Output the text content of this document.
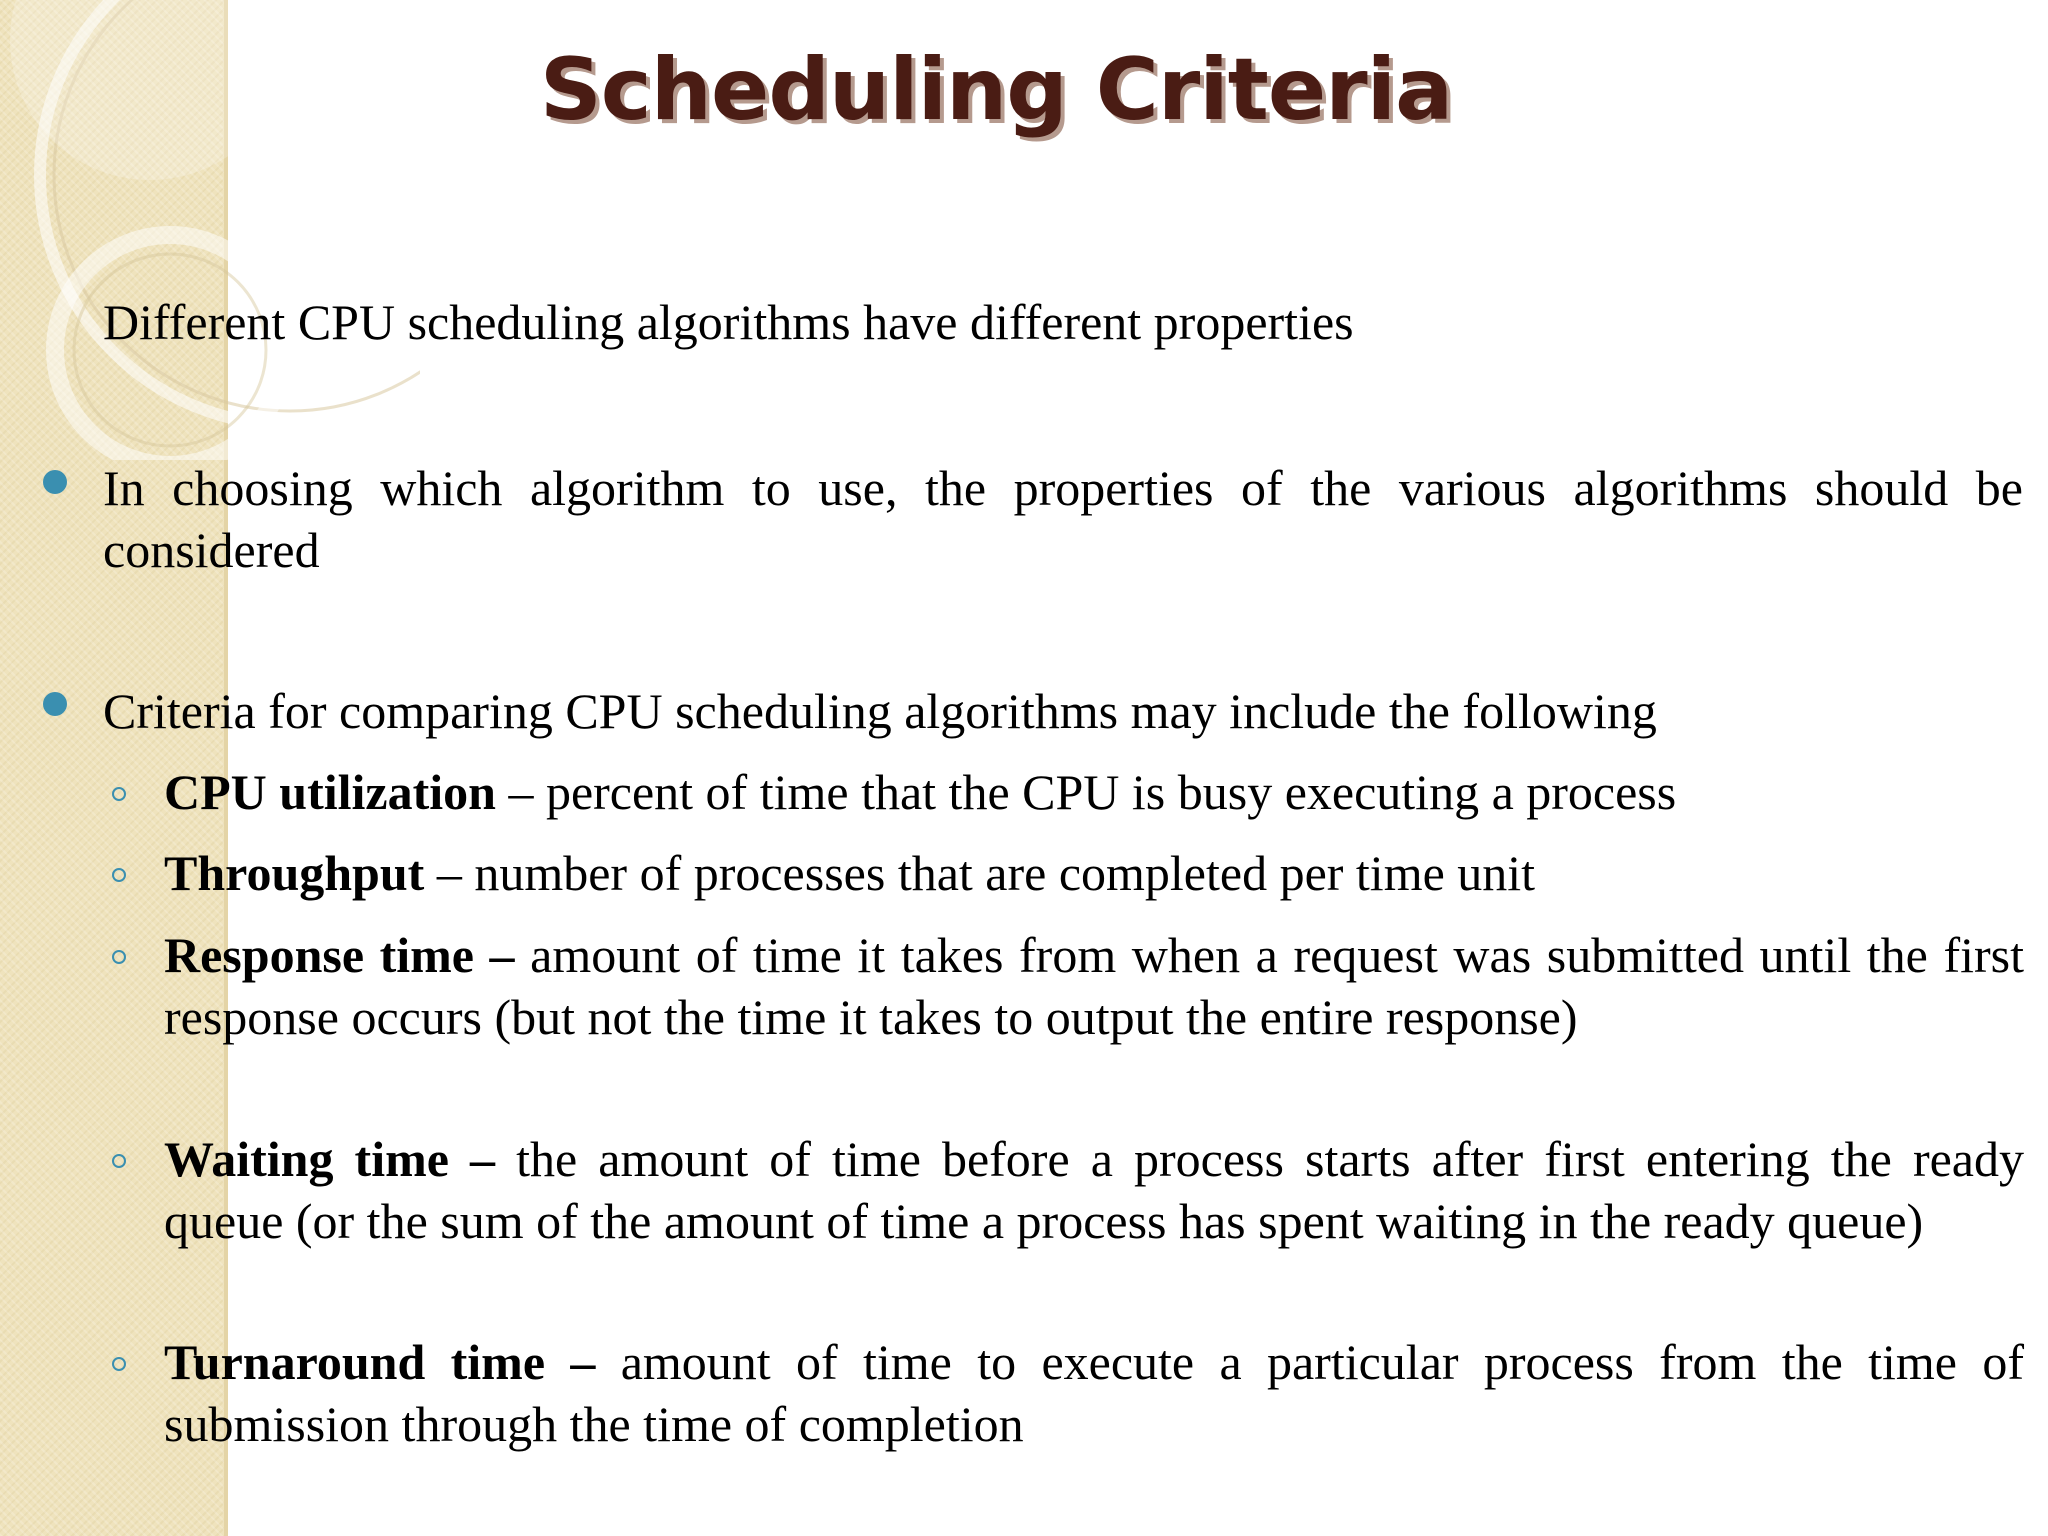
Scheduling Criteria

Different CPU scheduling algorithms have different properties

In choosing which algorithm to use, the properties of the various algorithms should be considered
Criteria for comparing CPU scheduling algorithms may include the following
CPU utilization – percent of time that the CPU is busy executing a process
Throughput – number of processes that are completed per time unit
Response time – amount of time it takes from when a request was submitted until the first response occurs (but not the time it takes to output the entire response)
Waiting time – the amount of time before a process starts after first entering the ready queue (or the sum of the amount of time a process has spent waiting in the ready queue)
Turnaround time – amount of time to execute a particular process from the time of submission through the time of completion
